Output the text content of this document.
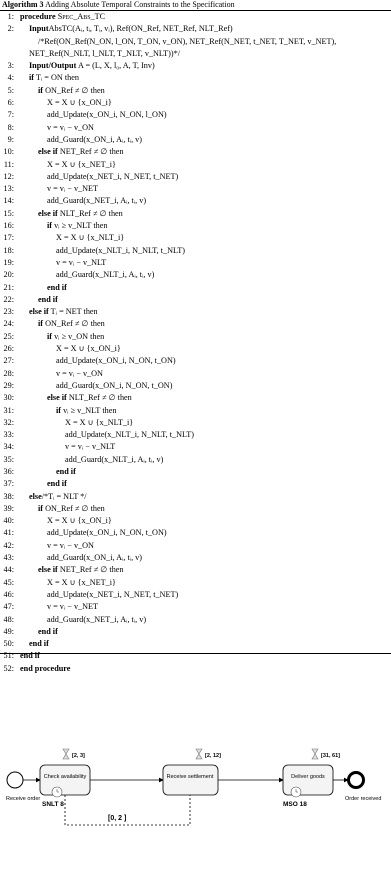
Algorithm 3 Adding Absolute Temporal Constraints to the Specification
1: procedure Spec_Abs_TC
2: InputAbsTC(Aᵢ, tᵢ, Tᵢ, vᵢ), Ref(ON_Ref, NET_Ref, NLT_Ref)
/*Ref(ON_Ref(N_ON, l_ON, T_ON, v_ON), NET_Ref(N_NET, t_NET, T_NET, v_NET),
NET_Ref(N_NLT, l_NLT, T_NLT, v_NLT))*/
3: Input/Output A = (L, X, l₀, A, T, Inv)
4: if Tᵢ = ON then
5:	if ON_Ref ≠ ∅ then
6:	X = X ∪ {x_ON_i}
7:	add_Update(x_ON_i, N_ON, l_ON)
8:	v = vᵢ − v_ON
9:	add_Guard(x_ON_i, Aᵢ, tᵢ, v)
10:	else if NET_Ref ≠ ∅ then
11:	X = X ∪ {x_NET_i}
12:	add_Update(x_NET_i, N_NET, t_NET)
13:	v = vᵢ − v_NET
14:	add_Guard(x_NET_i, Aᵢ, tᵢ, v)
15:	else if NLT_Ref ≠ ∅ then
16:	if vᵢ ≥ v_NLT then
17:	X = X ∪ {x_NLT_i}
18:	add_Update(x_NLT_i, N_NLT, t_NLT)
19:	v = vᵢ − v_NLT
20:	add_Guard(x_NLT_i, Aᵢ, tᵢ, v)
21:	end if
22:	end if
23: else if Tᵢ = NET then
24:	if ON_Ref ≠ ∅ then
25:	if vᵢ ≥ v_ON then
26:	X = X ∪ {x_ON_i}
27:	add_Update(x_ON_i, N_ON, t_ON)
28:	v = vᵢ − v_ON
29:	add_Guard(x_ON_i, N_ON, t_ON)
30:	else if NLT_Ref ≠ ∅ then
31:	if vᵢ ≥ v_NLT then
32:	X = X ∪ {x_NLT_i}
33:	add_Update(x_NLT_i, N_NLT, t_NLT)
34:	v = vᵢ − v_NLT
35:	add_Guard(x_NLT_i, Aᵢ, tᵢ, v)
36:	end if
37:	end if
38: else/*Tᵢ = NLT */
39:	if ON_Ref ≠ ∅ then
40:	X = X ∪ {x_ON_i}
41:	add_Update(x_ON_i, N_ON, t_ON)
42:	v = vᵢ − v_ON
43:	add_Guard(x_ON_i, Aᵢ, tᵢ, v)
44:	else if NET_Ref ≠ ∅ then
45:	X = X ∪ {x_NET_i}
46:	add_Update(x_NET_i, N_NET, t_NET)
47:	v = vᵢ − v_NET
48:	add_Guard(x_NET_i, Aᵢ, tᵢ, v)
49:	end if
50: end if
51: end if
52: end procedure
Receive order
Check availability
[2, 3]
SNLT 8
Receive settlement
[2, 12]
Deliver goods
[31, 61]
MSO 18
Order received
[0, 2 ]
